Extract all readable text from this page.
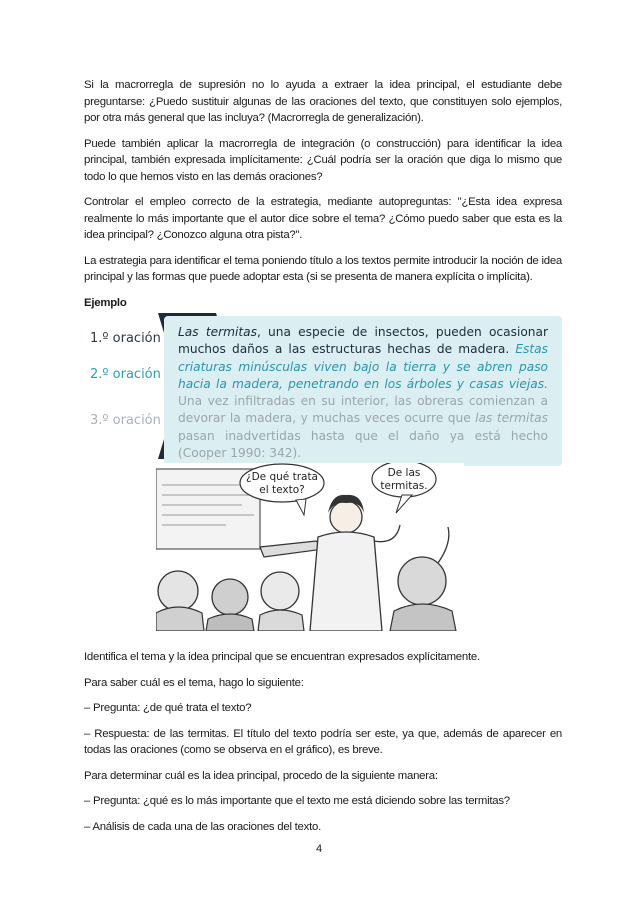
Si la macrorregla de supresión no lo ayuda a extraer la idea principal, el estudiante debe preguntarse: ¿Puedo sustituir algunas de las oraciones del texto, que constituyen solo ejemplos, por otra más general que las incluya? (Macrorregla de generalización).

Puede también aplicar la macrorregla de integración (o construcción) para identificar la idea principal, también expresada implícitamente: ¿Cuál podría ser la oración que diga lo mismo que todo lo que hemos visto en las demás oraciones?

Controlar el empleo correcto de la estrategia, mediante autopreguntas: "¿Esta idea expresa realmente lo más importante que el autor dice sobre el tema? ¿Cómo puedo saber que esta es la idea principal? ¿Conozco alguna otra pista?".

La estrategia para identificar el tema poniendo título a los textos permite introducir la noción de idea principal y las formas que puede adoptar esta (si se presenta de manera explícita o implícita).

Ejemplo

1.º oración
2.º oración
3.º oración
Las termitas, una especie de insectos, pueden ocasionar muchos daños a las estructuras hechas de madera. Estas criaturas minúsculas viven bajo la tierra y se abren paso hacia la madera, penetrando en los árboles y casas viejas. Una vez infiltradas en su interior, las obreras comienzan a devorar la madera, y muchas veces ocurre que las termitas pasan inadvertidas hasta que el daño ya está hecho (Cooper 1990: 342).
¿De qué trata
el texto?
De las
termitas.

Identifica el tema y la idea principal que se encuentran expresados explícitamente.

Para saber cuál es el tema, hago lo siguiente:

– Pregunta: ¿de qué trata el texto?

– Respuesta: de las termitas. El título del texto podría ser este, ya que, además de aparecer en todas las oraciones (como se observa en el gráfico), es breve.

Para determinar cuál es la idea principal, procedo de la siguiente manera:

– Pregunta: ¿qué es lo más importante que el texto me está diciendo sobre las termitas?

– Análisis de cada una de las oraciones del texto.

4
